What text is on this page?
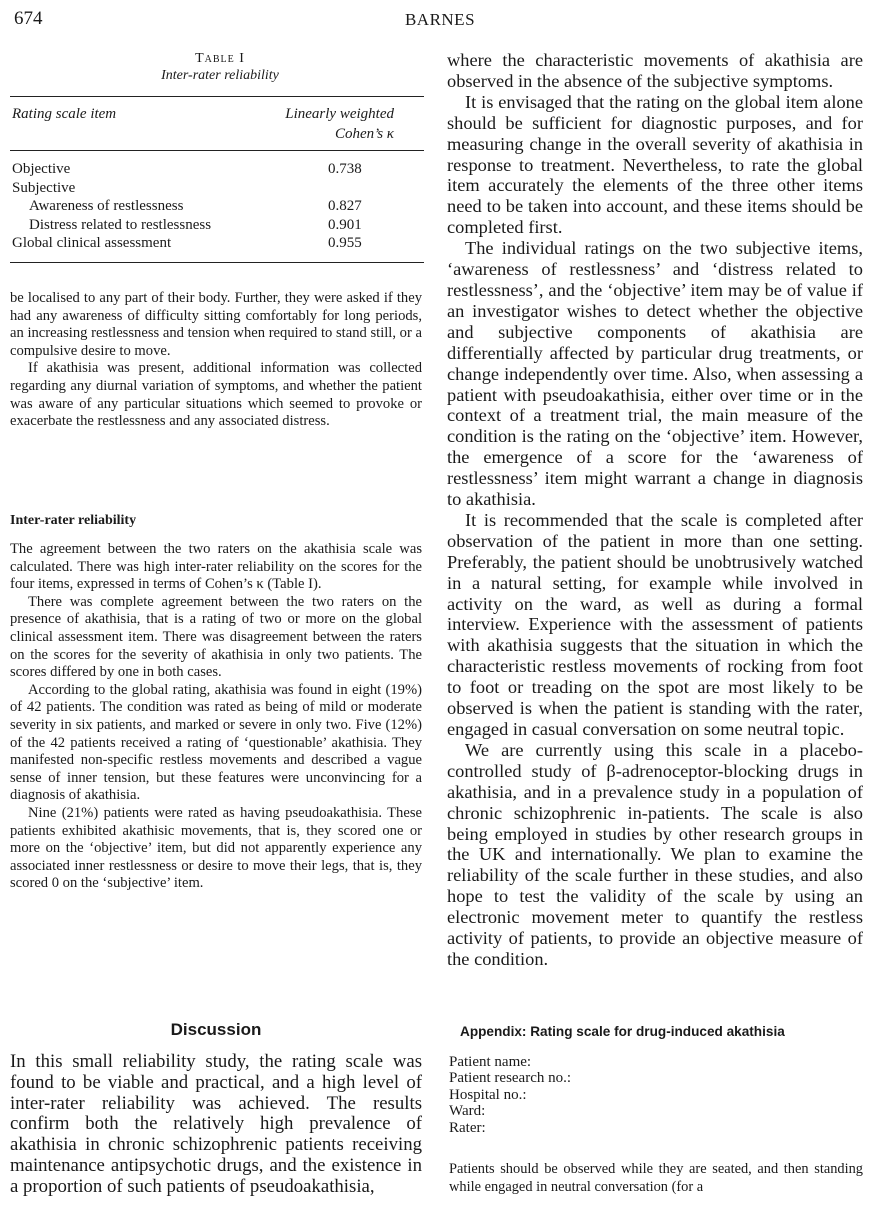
674	BARNES
Table I
Inter-rater reliability
Rating scale item	Linearly weighted
Cohen’s κ
Objective	0.738
Subjective
Awareness of restlessness	0.827
Distress related to restlessness	0.901
Global clinical assessment	0.955

be localised to any part of their body. Further, they were asked if they had any awareness of difficulty sitting comfortably for long periods, an increasing restlessness and tension when required to stand still, or a compulsive desire to move.

If akathisia was present, additional information was collected regarding any diurnal variation of symptoms, and whether the patient was aware of any particular situations which seemed to provoke or exacerbate the restlessness and any associated distress.

Inter-rater reliability

The agreement between the two raters on the akathisia scale was calculated. There was high inter-rater reliability on the scores for the four items, expressed in terms of Cohen’s κ (Table I).

There was complete agreement between the two raters on the presence of akathisia, that is a rating of two or more on the global clinical assessment item. There was disagreement between the raters on the scores for the severity of akathisia in only two patients. The scores differed by one in both cases.

According to the global rating, akathisia was found in eight (19%) of 42 patients. The condition was rated as being of mild or moderate severity in six patients, and marked or severe in only two. Five (12%) of the 42 patients received a rating of ‘questionable’ akathisia. They manifested non-specific restless movements and described a vague sense of inner tension, but these features were unconvincing for a diagnosis of akathisia.

Nine (21%) patients were rated as having pseudoakathisia. These patients exhibited akathisic movements, that is, they scored one or more on the ‘objective’ item, but did not apparently experience any associated inner restlessness or desire to move their legs, that is, they scored 0 on the ‘subjective’ item.

Discussion

In this small reliability study, the rating scale was found to be viable and practical, and a high level of inter-rater reliability was achieved. The results confirm both the relatively high prevalence of akathisia in chronic schizophrenic patients receiving maintenance antipsychotic drugs, and the existence in a proportion of such patients of pseudoakathisia,

where the characteristic movements of akathisia are observed in the absence of the subjective symptoms.

It is envisaged that the rating on the global item alone should be sufficient for diagnostic purposes, and for measuring change in the overall severity of akathisia in response to treatment. Nevertheless, to rate the global item accurately the elements of the three other items need to be taken into account, and these items should be completed first.

The individual ratings on the two subjective items, ‘awareness of restlessness’ and ‘distress related to restlessness’, and the ‘objective’ item may be of value if an investigator wishes to detect whether the objective and subjective components of akathisia are differentially affected by particular drug treatments, or change independently over time. Also, when assessing a patient with pseudoakathisia, either over time or in the context of a treatment trial, the main measure of the condition is the rating on the ‘objective’ item. However, the emergence of a score for the ‘awareness of restlessness’ item might warrant a change in diagnosis to akathisia.

It is recommended that the scale is completed after observation of the patient in more than one setting. Preferably, the patient should be unobtrusively watched in a natural setting, for example while involved in activity on the ward, as well as during a formal interview. Experience with the assessment of patients with akathisia suggests that the situation in which the characteristic restless movements of rocking from foot to foot or treading on the spot are most likely to be observed is when the patient is standing with the rater, engaged in casual conversation on some neutral topic.

We are currently using this scale in a placebo-controlled study of β-adrenoceptor-blocking drugs in akathisia, and in a prevalence study in a population of chronic schizophrenic in-patients. The scale is also being employed in studies by other research groups in the UK and internationally. We plan to examine the reliability of the scale further in these studies, and also hope to test the validity of the scale by using an electronic movement meter to quantify the restless activity of patients, to provide an objective measure of the condition.

Appendix: Rating scale for drug-induced akathisia
Patient name:
Patient research no.:
Hospital no.:
Ward:
Rater:
Patients should be observed while they are seated, and then standing while engaged in neutral conversation (for a
